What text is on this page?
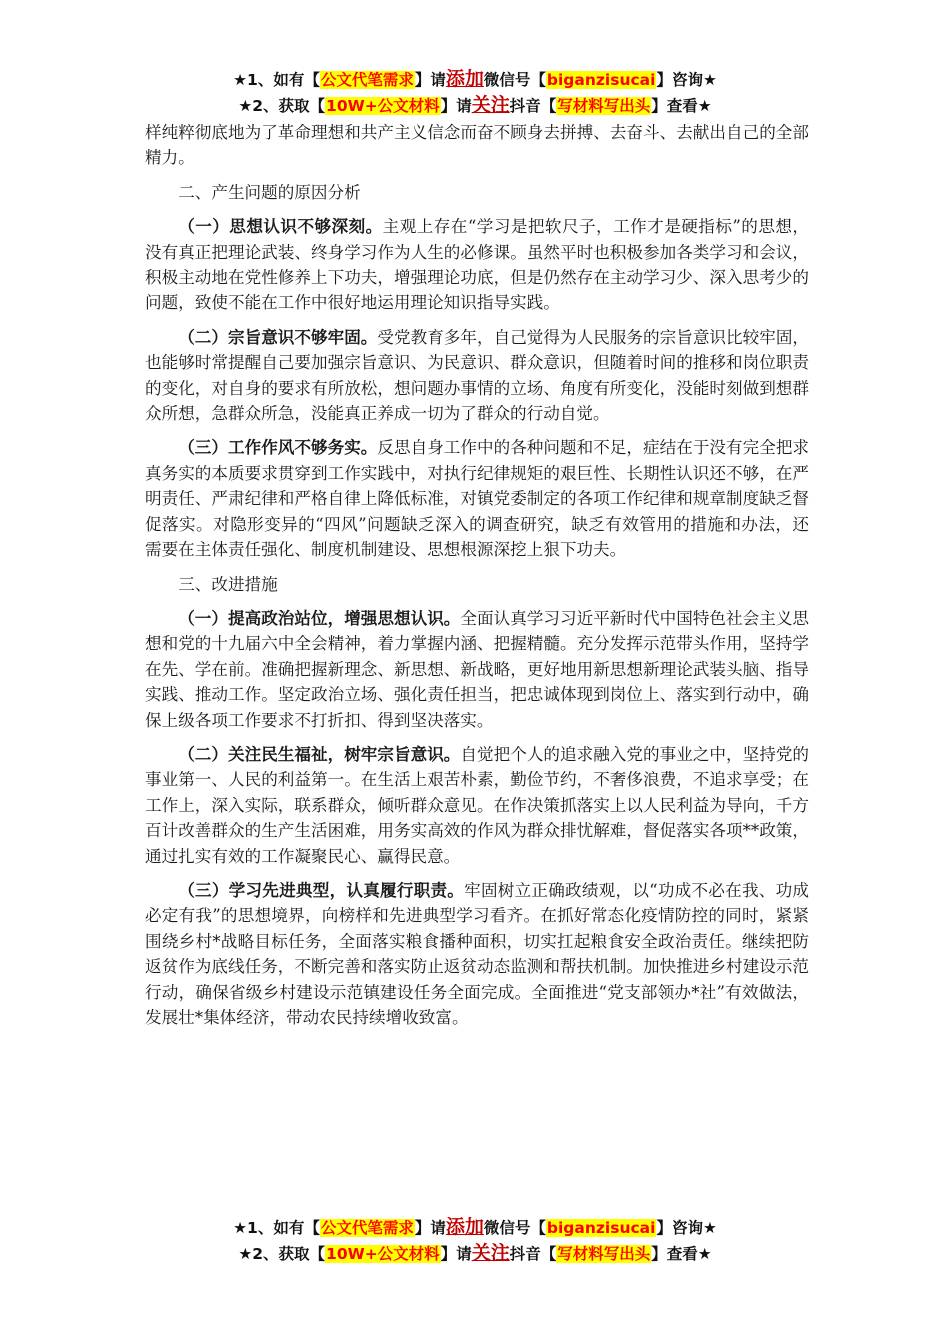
★1、如有【公文代笔需求】请添加微信号【biganzisucai】咨询★
★2、获取【10W+公文材料】请关注抖音【写材料写出头】查看★

样纯粹彻底地为了革命理想和共产主义信念而奋不顾身去拼搏、去奋斗、去献出自己的全部精力。

二、产生问题的原因分析

（一）思想认识不够深刻。主观上存在“学习是把软尺子，工作才是硬指标”的思想，没有真正把理论武装、终身学习作为人生的必修课。虽然平时也积极参加各类学习和会议，积极主动地在党性修养上下功夫，增强理论功底，但是仍然存在主动学习少、深入思考少的问题，致使不能在工作中很好地运用理论知识指导实践。

（二）宗旨意识不够牢固。受党教育多年，自己觉得为人民服务的宗旨意识比较牢固，也能够时常提醒自己要加强宗旨意识、为民意识、群众意识，但随着时间的推移和岗位职责的变化，对自身的要求有所放松，想问题办事情的立场、角度有所变化，没能时刻做到想群众所想，急群众所急，没能真正养成一切为了群众的行动自觉。

（三）工作作风不够务实。反思自身工作中的各种问题和不足，症结在于没有完全把求真务实的本质要求贯穿到工作实践中，对执行纪律规矩的艰巨性、长期性认识还不够，在严明责任、严肃纪律和严格自律上降低标准，对镇党委制定的各项工作纪律和规章制度缺乏督促落实。对隐形变异的“四风”问题缺乏深入的调查研究，缺乏有效管用的措施和办法，还需要在主体责任强化、制度机制建设、思想根源深挖上狠下功夫。

三、改进措施

（一）提高政治站位，增强思想认识。全面认真学习习近平新时代中国特色社会主义思想和党的十九届六中全会精神，着力掌握内涵、把握精髓。充分发挥示范带头作用，坚持学在先、学在前。准确把握新理念、新思想、新战略，更好地用新思想新理论武装头脑、指导实践、推动工作。坚定政治立场、强化责任担当，把忠诚体现到岗位上、落实到行动中，确保上级各项工作要求不打折扣、得到坚决落实。

（二）关注民生福祉，树牢宗旨意识。自觉把个人的追求融入党的事业之中，坚持党的事业第一、人民的利益第一。在生活上艰苦朴素，勤俭节约，不奢侈浪费，不追求享受；在工作上，深入实际，联系群众，倾听群众意见。在作决策抓落实上以人民利益为导向，千方百计改善群众的生产生活困难，用务实高效的作风为群众排忧解难，督促落实各项**政策，通过扎实有效的工作凝聚民心、赢得民意。

（三）学习先进典型，认真履行职责。牢固树立正确政绩观，以“功成不必在我、功成必定有我”的思想境界，向榜样和先进典型学习看齐。在抓好常态化疫情防控的同时，紧紧围绕乡村*战略目标任务，全面落实粮食播种面积，切实扛起粮食安全政治责任。继续把防返贫作为底线任务，不断完善和落实防止返贫动态监测和帮扶机制。加快推进乡村建设示范行动，确保省级乡村建设示范镇建设任务全面完成。全面推进“党支部领办*社”有效做法，发展壮*集体经济，带动农民持续增收致富。

★1、如有【公文代笔需求】请添加微信号【biganzisucai】咨询★
★2、获取【10W+公文材料】请关注抖音【写材料写出头】查看★
